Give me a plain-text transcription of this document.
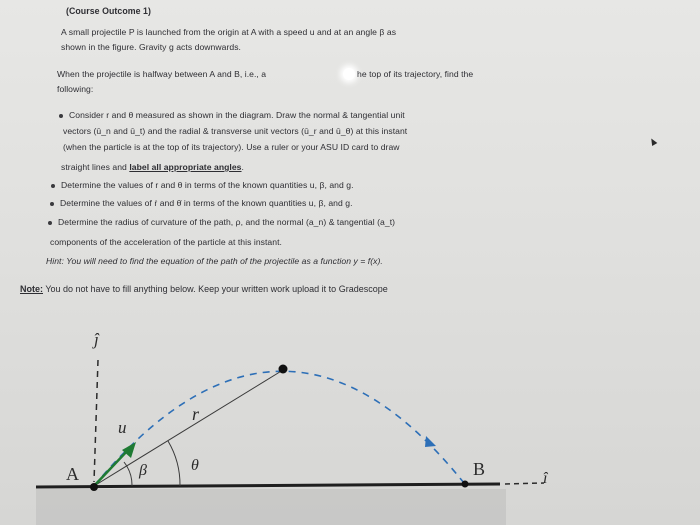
(Course Outcome 1)
A small projectile P is launched from the origin at A with a speed u and at an angle β as
shown in the figure. Gravity g acts downwards.
When the projectile is halfway between A and B, i.e., a	he top of its trajectory, find the
following:
Consider r and θ measured as shown in the diagram. Draw the normal & tangential unit
vectors (ū_n and ū_t) and the radial & transverse unit vectors (ū_r and ū_θ) at this instant
(when the particle is at the top of its trajectory). Use a ruler or your ASU ID card to draw
straight lines and label all appropriate angles.
Determine the values of r and θ in terms of the known quantities u, β, and g.
Determine the values of ṙ and θ̇ in terms of the known quantities u, β, and g.
Determine the radius of curvature of the path, ρ, and the normal (a_n) & tangential (a_t)
components of the acceleration of the particle at this instant.
Hint: You will need to find the equation of the path of the projectile as a function y = f(x).
Note: You do not have to fill anything below. Keep your written work upload it to Gradescope
ĵ
u
r
θ
β
A	B	î
